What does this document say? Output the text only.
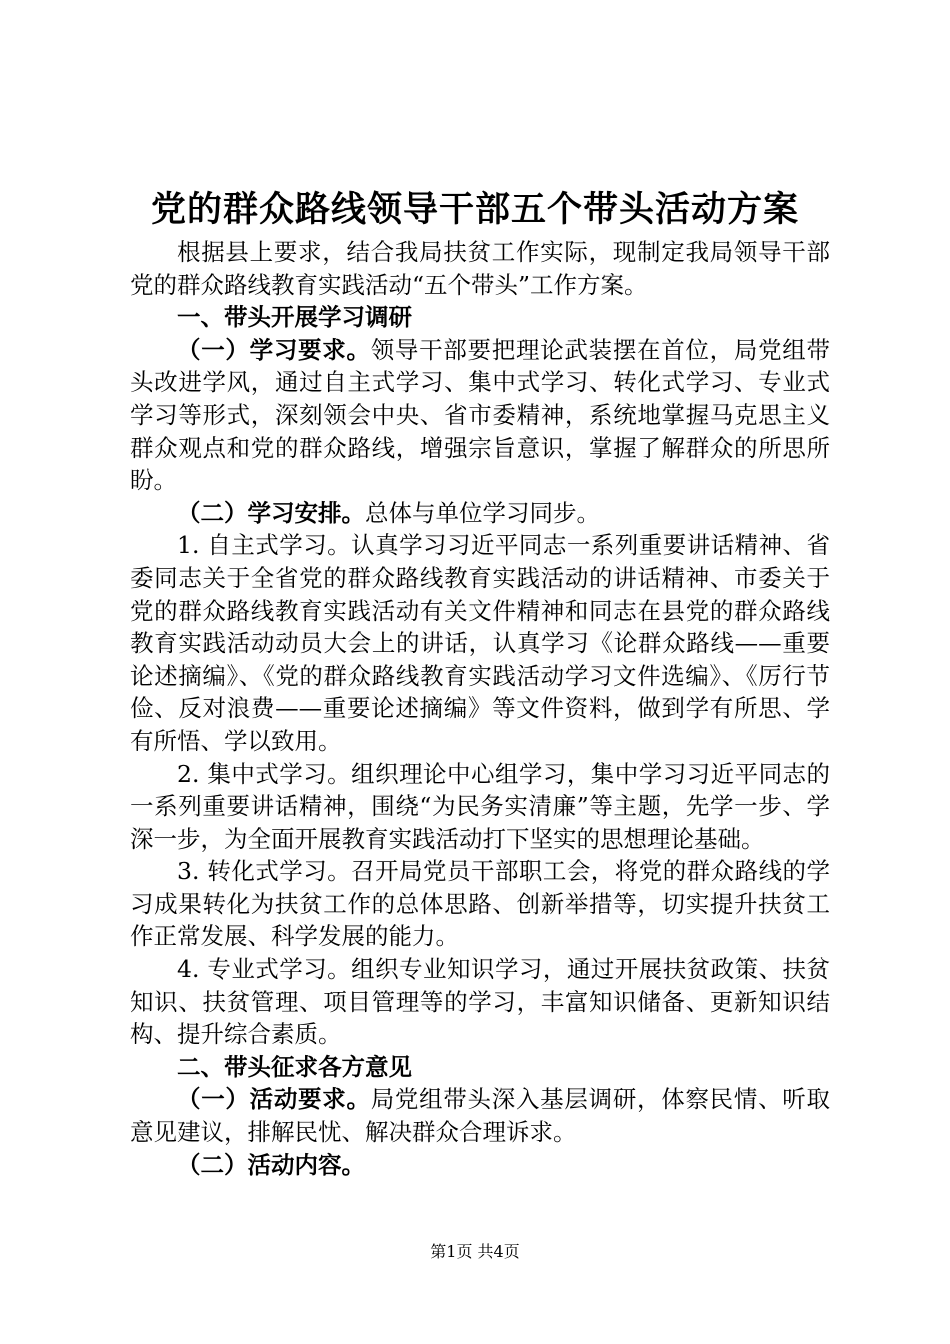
党的群众路线领导干部五个带头活动方案

根据县上要求，结合我局扶贫工作实际，现制定我局领导干部党的群众路线教育实践活动“五个带头”工作方案。

一、带头开展学习调研

（一）学习要求。领导干部要把理论武装摆在首位，局党组带头改进学风，通过自主式学习、集中式学习、转化式学习、专业式学习等形式，深刻领会中央、省市委精神，系统地掌握马克思主义群众观点和党的群众路线，增强宗旨意识，掌握了解群众的所思所盼。

（二）学习安排。总体与单位学习同步。

1. 自主式学习。认真学习习近平同志一系列重要讲话精神、省委同志关于全省党的群众路线教育实践活动的讲话精神、市委关于党的群众路线教育实践活动有关文件精神和同志在县党的群众路线教育实践活动动员大会上的讲话，认真学习《论群众路线——重要论述摘编》、《党的群众路线教育实践活动学习文件选编》、《厉行节俭、反对浪费——重要论述摘编》等文件资料，做到学有所思、学有所悟、学以致用。

2. 集中式学习。组织理论中心组学习，集中学习习近平同志的一系列重要讲话精神，围绕“为民务实清廉”等主题，先学一步、学深一步，为全面开展教育实践活动打下坚实的思想理论基础。

3. 转化式学习。召开局党员干部职工会，将党的群众路线的学习成果转化为扶贫工作的总体思路、创新举措等，切实提升扶贫工作正常发展、科学发展的能力。

4. 专业式学习。组织专业知识学习，通过开展扶贫政策、扶贫知识、扶贫管理、项目管理等的学习，丰富知识储备、更新知识结构、提升综合素质。

二、带头征求各方意见

（一）活动要求。局党组带头深入基层调研，体察民情、听取意见建议，排解民忧、解决群众合理诉求。

（二）活动内容。

第1页 共4页
